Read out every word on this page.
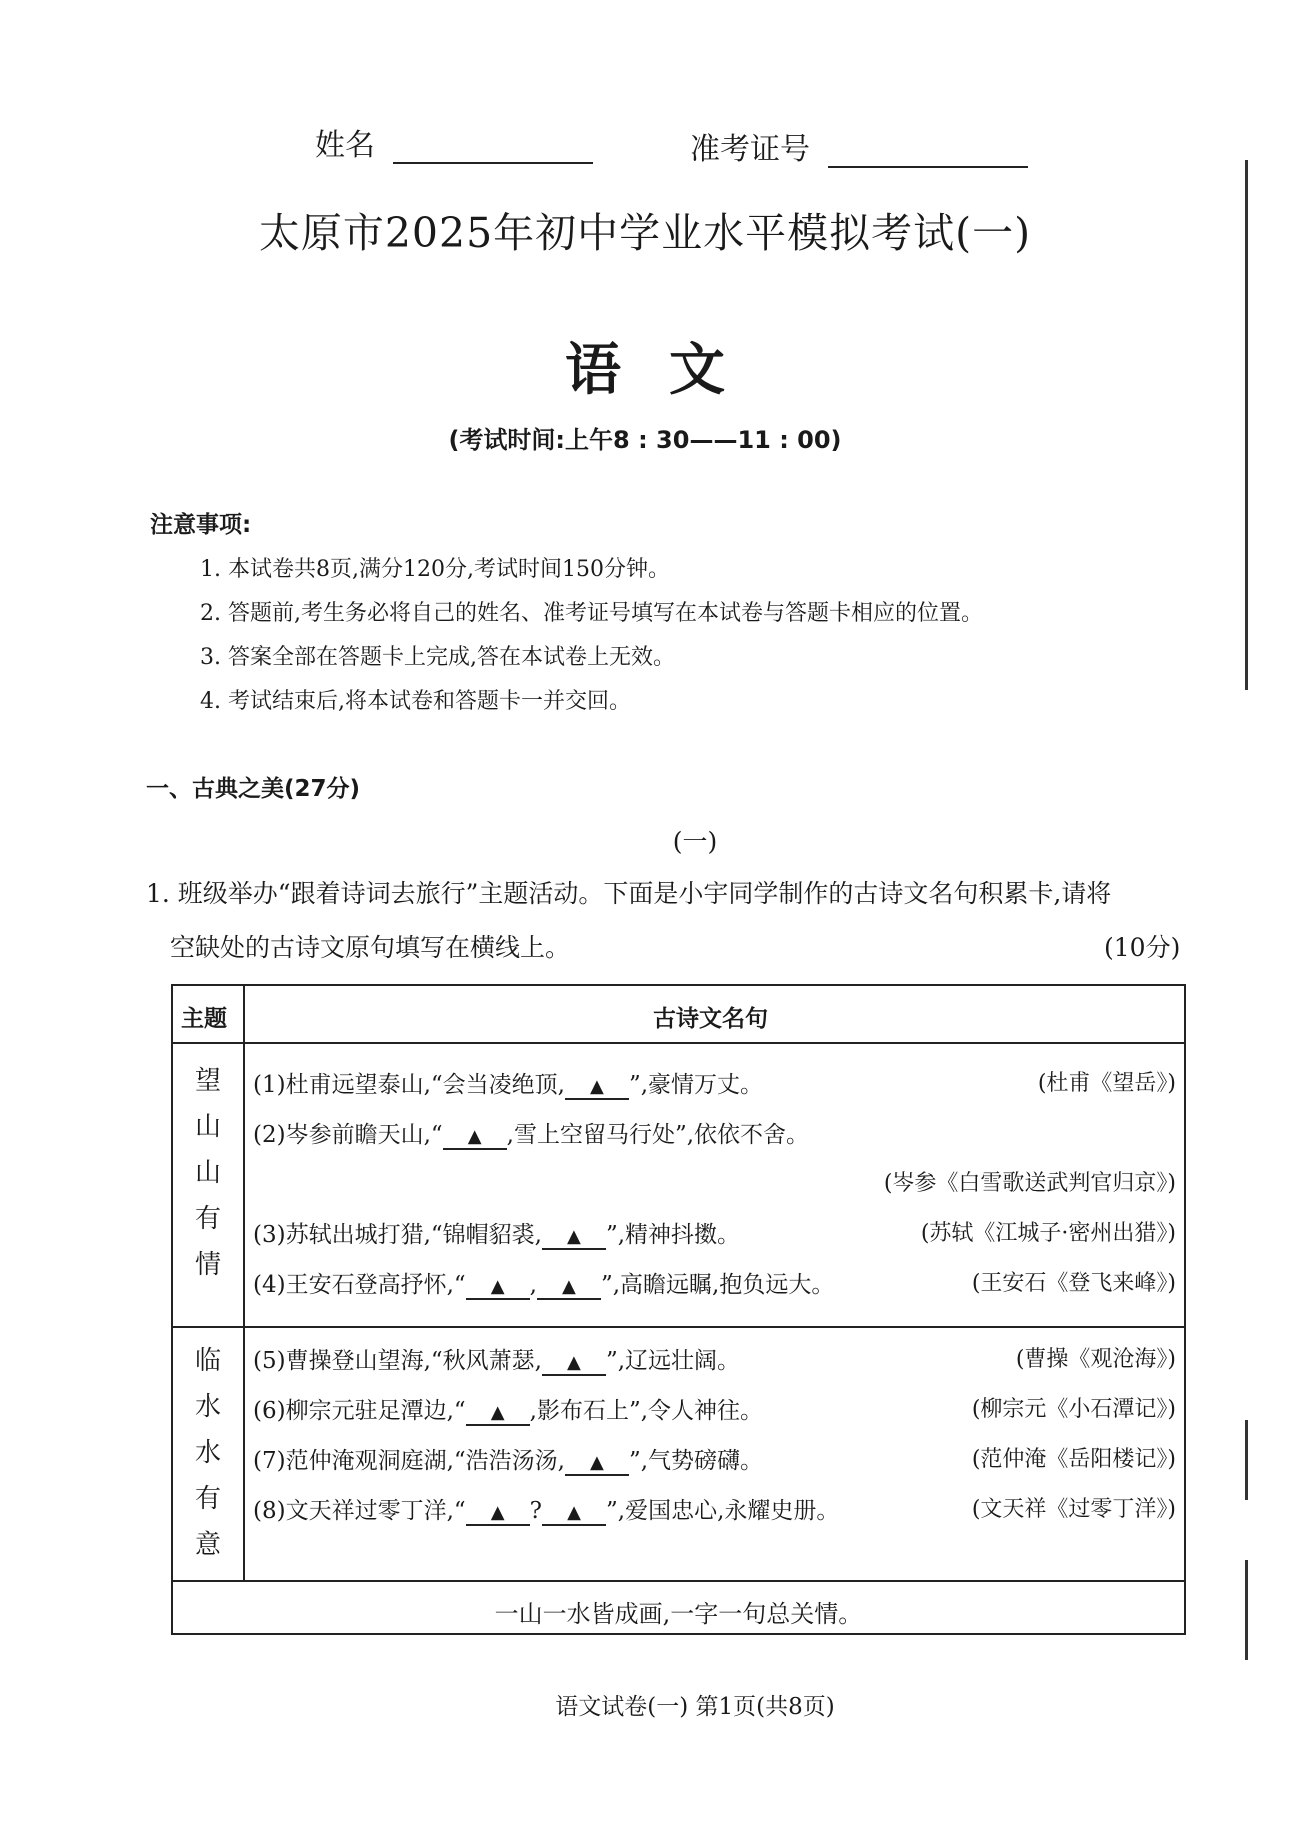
姓名	准考证号
太原市2025年初中学业水平模拟考试(一)
语文
(考试时间:上午8 : 30——11 : 00)
注意事项:
1. 本试卷共8页,满分120分,考试时间150分钟。
2. 答题前,考生务必将自己的姓名、准考证号填写在本试卷与答题卡相应的位置。
3. 答案全部在答题卡上完成,答在本试卷上无效。
4. 考试结束后,将本试卷和答题卡一并交回。
一、古典之美(27分)
(一)
1. 班级举办“跟着诗词去旅行”主题活动。下面是小宇同学制作的古诗文名句积累卡,请将
空缺处的古诗文原句填写在横线上。	(10分)
主题	古诗文名句
望
山
山
有
情
(1)杜甫远望泰山,“会当凌绝顶, ▲ ”,豪情万丈。	(杜甫《望岳》)
(2)岑参前瞻天山,“ ▲ ,雪上空留马行处”,依依不舍。
(岑参《白雪歌送武判官归京》)
(3)苏轼出城打猎,“锦帽貂裘, ▲ ”,精神抖擞。	(苏轼《江城子·密州出猎》)
(4)王安石登高抒怀,“ ▲ , ▲ ”,高瞻远瞩,抱负远大。	(王安石《登飞来峰》)
临
水
水
有
意
(5)曹操登山望海,“秋风萧瑟, ▲ ”,辽远壮阔。	(曹操《观沧海》)
(6)柳宗元驻足潭边,“ ▲ ,影布石上”,令人神往。	(柳宗元《小石潭记》)
(7)范仲淹观洞庭湖,“浩浩汤汤, ▲ ”,气势磅礴。	(范仲淹《岳阳楼记》)
(8)文天祥过零丁洋,“ ▲ ? ▲ ”,爱国忠心,永耀史册。	(文天祥《过零丁洋》)
一山一水皆成画,一字一句总关情。
语文试卷(一) 第1页(共8页)
